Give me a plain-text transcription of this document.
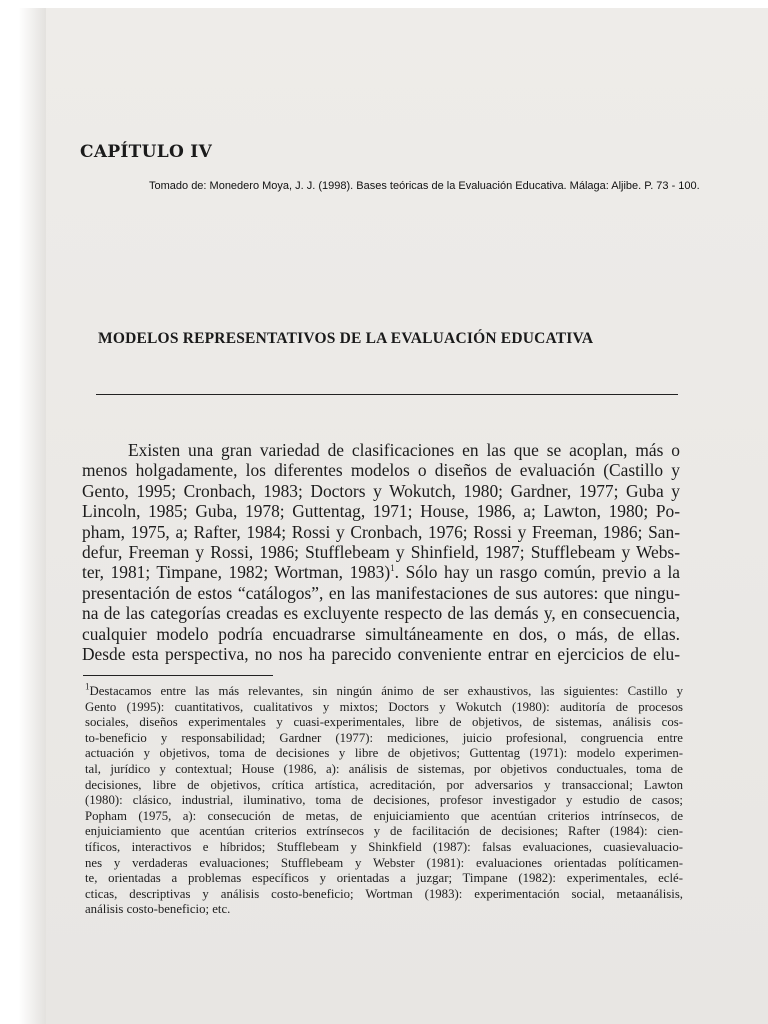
CAPÍTULO IV
Tomado de: Monedero Moya, J. J. (1998). Bases teóricas de la Evaluación Educativa. Málaga: Aljibe. P. 73 - 100.
MODELOS REPRESENTATIVOS DE LA EVALUACIÓN EDUCATIVA
Existen una gran variedad de clasificaciones en las que se acoplan, más o
menos holgadamente, los diferentes modelos o diseños de evaluación (Castillo y
Gento, 1995; Cronbach, 1983; Doctors y Wokutch, 1980; Gardner, 1977; Guba y
Lincoln, 1985; Guba, 1978; Guttentag, 1971; House, 1986, a; Lawton, 1980; Po-
pham, 1975, a; Rafter, 1984; Rossi y Cronbach, 1976; Rossi y Freeman, 1986; San-
defur, Freeman y Rossi, 1986; Stufflebeam y Shinfield, 1987; Stufflebeam y Webs-
ter, 1981; Timpane, 1982; Wortman, 1983)$^1$. Sólo hay un rasgo común, previo a la
presentación de estos “catálogos”, en las manifestaciones de sus autores: que ningu-
na de las categorías creadas es excluyente respecto de las demás y, en consecuencia,
cualquier modelo podría encuadrarse simultáneamente en dos, o más, de ellas.
Desde esta perspectiva, no nos ha parecido conveniente entrar en ejercicios de elu-
$^1$Destacamos entre las más relevantes, sin ningún ánimo de ser exhaustivos, las siguientes: Castillo y
Gento (1995): cuantitativos, cualitativos y mixtos; Doctors y Wokutch (1980): auditoría de procesos
sociales, diseños experimentales y cuasi-experimentales, libre de objetivos, de sistemas, análisis cos-
to-beneficio y responsabilidad; Gardner (1977): mediciones, juicio profesional, congruencia entre
actuación y objetivos, toma de decisiones y libre de objetivos; Guttentag (1971): modelo experimen-
tal, jurídico y contextual; House (1986, a): análisis de sistemas, por objetivos conductuales, toma de
decisiones, libre de objetivos, crítica artística, acreditación, por adversarios y transaccional; Lawton
(1980): clásico, industrial, iluminativo, toma de decisiones, profesor investigador y estudio de casos;
Popham (1975, a): consecución de metas, de enjuiciamiento que acentúan criterios intrínsecos, de
enjuiciamiento que acentúan criterios extrínsecos y de facilitación de decisiones; Rafter (1984): cien-
tíficos, interactivos e híbridos; Stufflebeam y Shinkfield (1987): falsas evaluaciones, cuasievaluacio-
nes y verdaderas evaluaciones; Stufflebeam y Webster (1981): evaluaciones orientadas políticamen-
te, orientadas a problemas específicos y orientadas a juzgar; Timpane (1982): experimentales, eclé-
cticas, descriptivas y análisis costo-beneficio; Wortman (1983): experimentación social, metaanálisis,
análisis costo-beneficio; etc.
